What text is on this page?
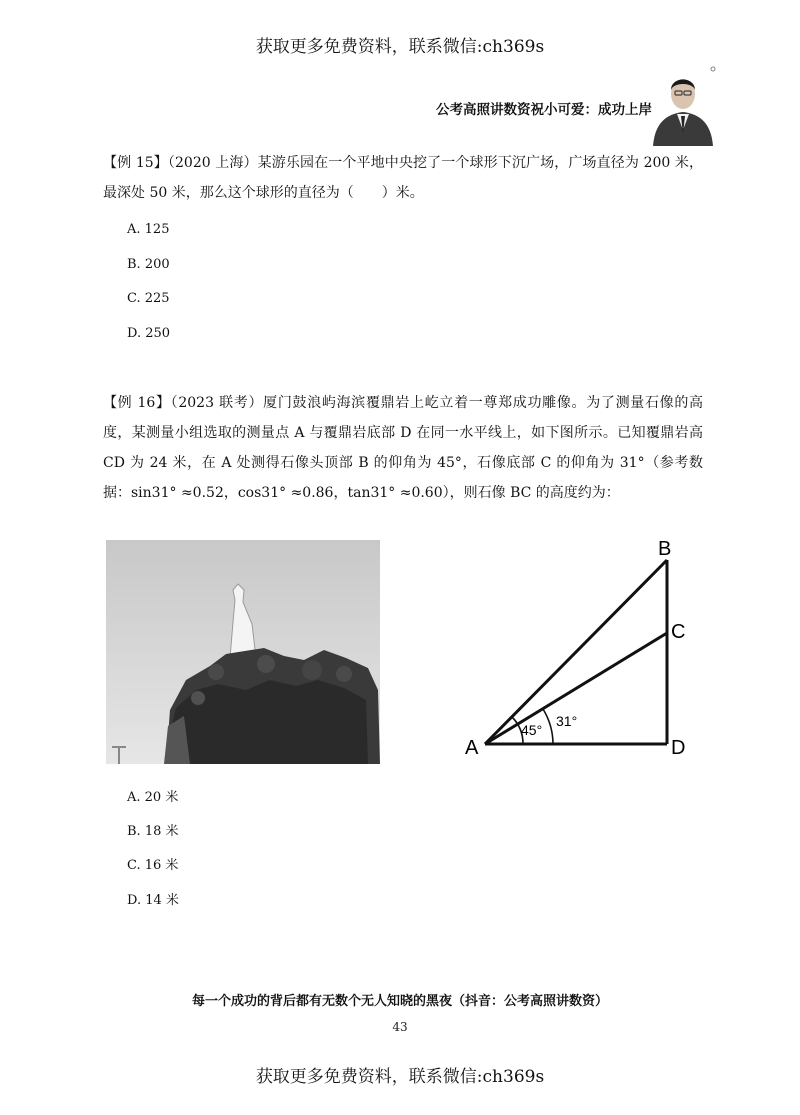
获取更多免费资料，联系微信:ch369s
公考高照讲数资祝小可爱：成功上岸
【例 15】（2020 上海）某游乐园在一个平地中央挖了一个球形下沉广场，广场直径为 200 米，最深处 50 米，那么这个球形的直径为（　　）米。
A. 125
B. 200
C. 225
D. 250
【例 16】（2023 联考）厦门鼓浪屿海滨覆鼎岩上屹立着一尊郑成功雕像。为了测量石像的高度，某测量小组选取的测量点 A 与覆鼎岩底部 D 在同一水平线上，如下图所示。已知覆鼎岩高 CD 为 24 米，在 A 处测得石像头顶部 B 的仰角为 45°，石像底部 C 的仰角为 31°（参考数据：sin31° ≈0.52，cos31° ≈0.86，tan31° ≈0.60），则石像 BC 的高度约为：
B
C
A	D
45°
31°
A. 20 米
B. 18 米
C. 16 米
D. 14 米
每一个成功的背后都有无数个无人知晓的黑夜（抖音：公考高照讲数资）
43
获取更多免费资料，联系微信:ch369s
